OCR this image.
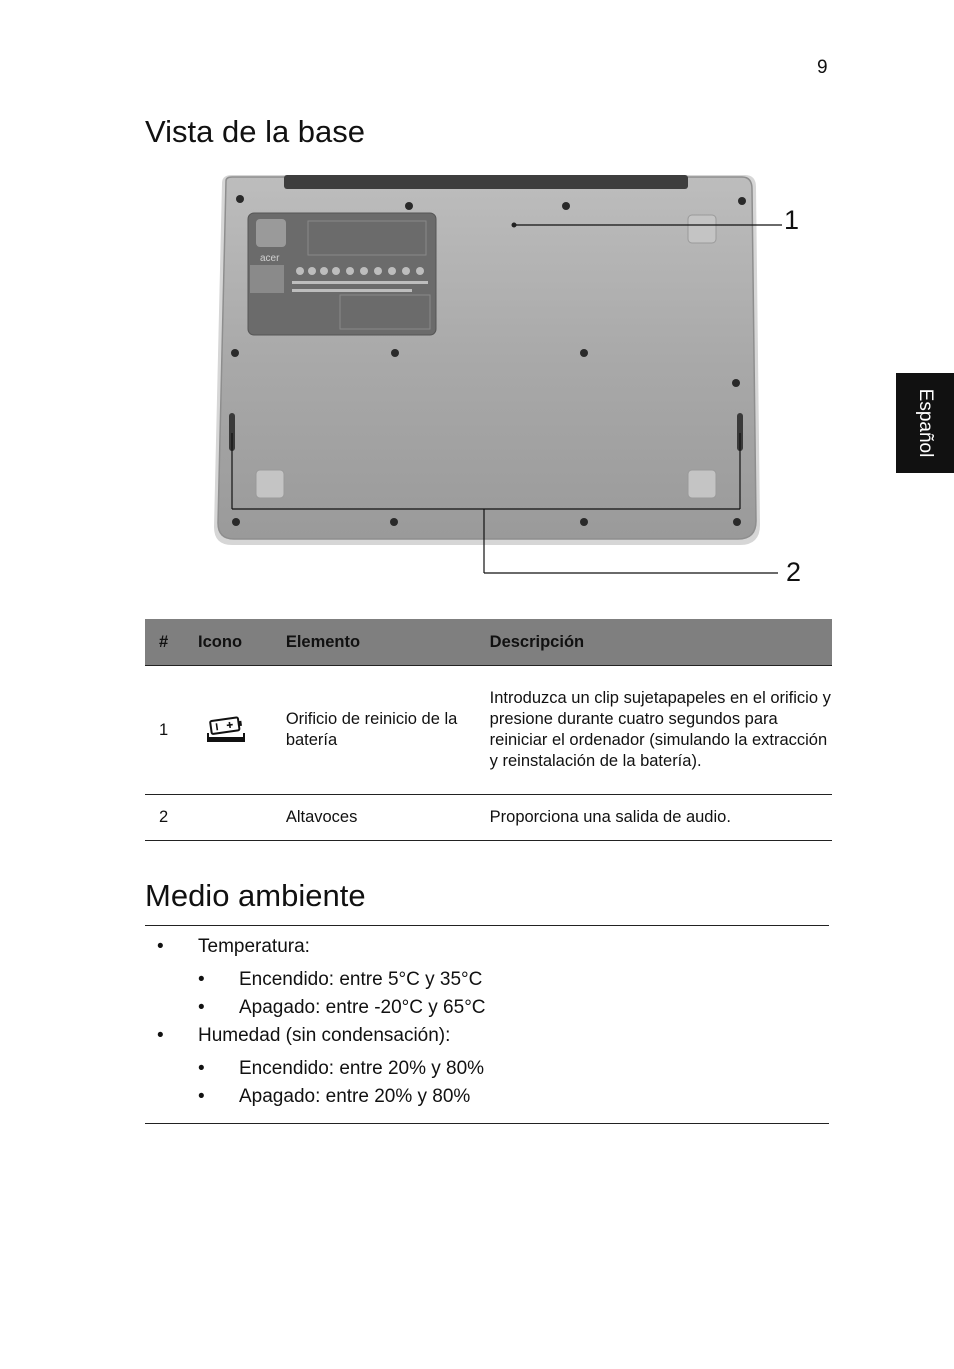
9
Español
Vista de la base
acer
1
2
#	Icono	Elemento	Descripción
1		Orificio de reinicio de la batería	Introduzca un clip sujetapapeles en el orificio y presione durante cuatro segundos para reiniciar el ordenador (simulando la extracción y reinstalación de la batería).
2		Altavoces	Proporciona una salida de audio.
Medio ambiente
• Temperatura:
• Encendido: entre 5°C y 35°C
• Apagado: entre -20°C y 65°C
• Humedad (sin condensación):
• Encendido: entre 20% y 80%
• Apagado: entre 20% y 80%
